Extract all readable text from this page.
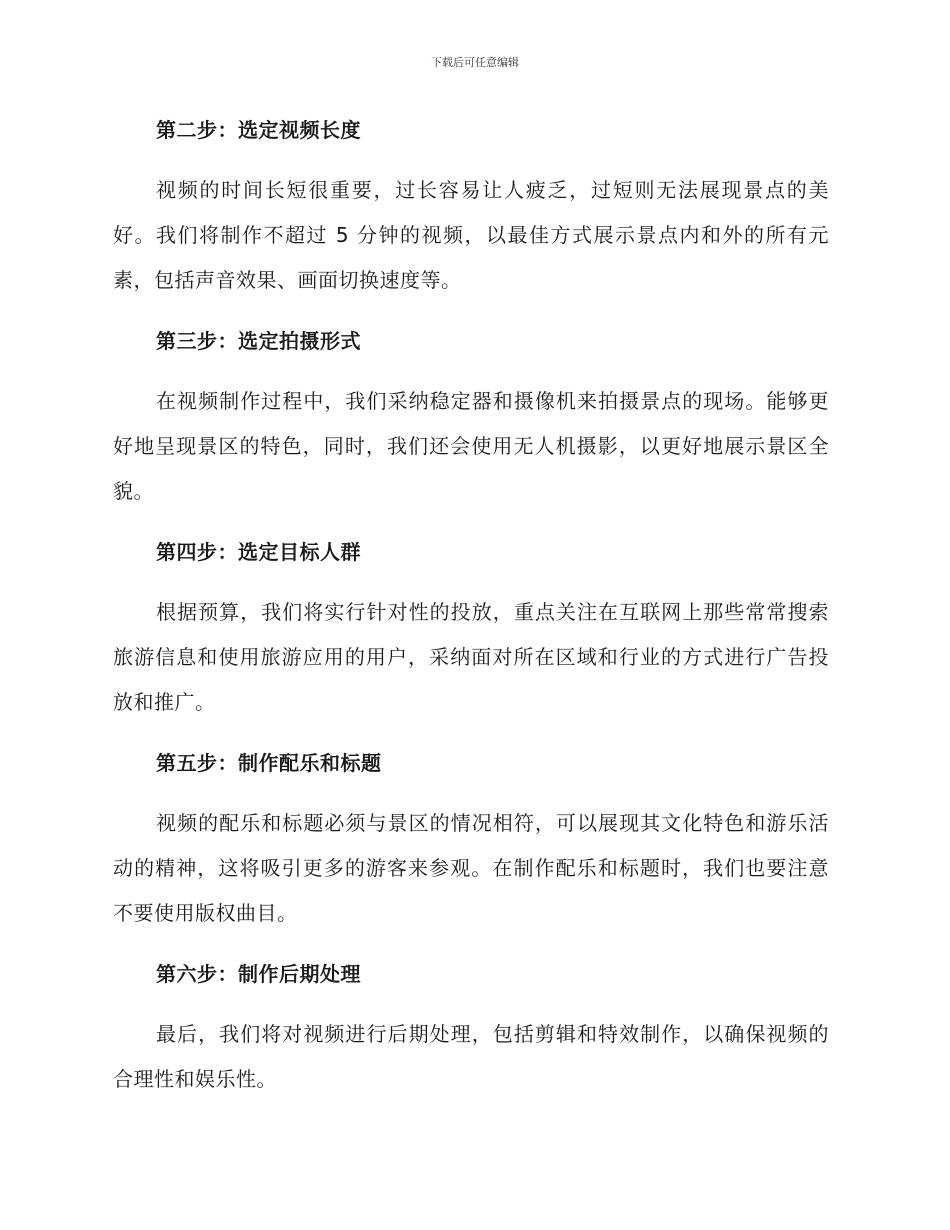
下载后可任意编辑
第二步：选定视频长度

视频的时间长短很重要，过长容易让人疲乏，过短则无法展现景点的美好。我们将制作不超过 5 分钟的视频，以最佳方式展示景点内和外的所有元素，包括声音效果、画面切换速度等。

第三步：选定拍摄形式

在视频制作过程中，我们采纳稳定器和摄像机来拍摄景点的现场。能够更好地呈现景区的特色，同时，我们还会使用无人机摄影，以更好地展示景区全貌。

第四步：选定目标人群

根据预算，我们将实行针对性的投放，重点关注在互联网上那些常常搜索旅游信息和使用旅游应用的用户，采纳面对所在区域和行业的方式进行广告投放和推广。

第五步：制作配乐和标题

视频的配乐和标题必须与景区的情况相符，可以展现其文化特色和游乐活动的精神，这将吸引更多的游客来参观。在制作配乐和标题时，我们也要注意不要使用版权曲目。

第六步：制作后期处理

最后，我们将对视频进行后期处理，包括剪辑和特效制作，以确保视频的合理性和娱乐性。
